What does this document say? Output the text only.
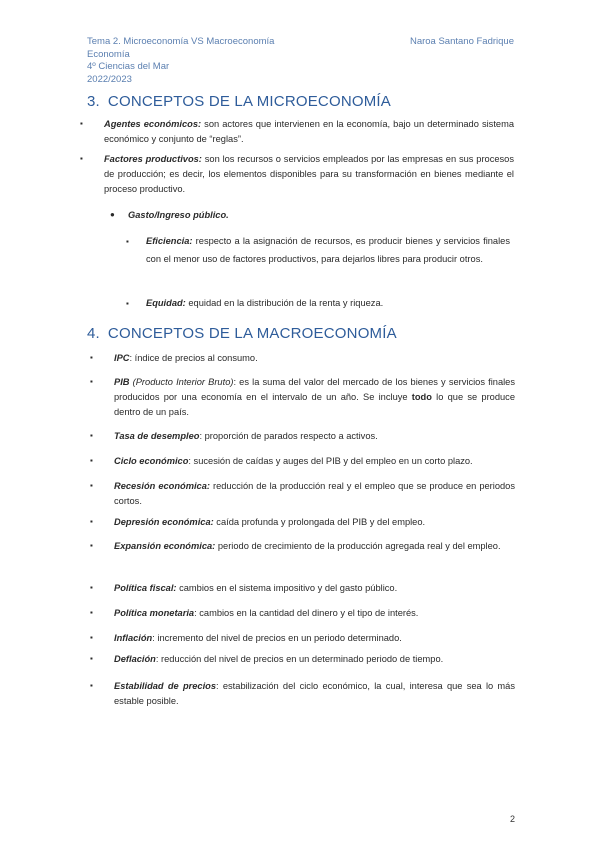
Tema 2. Microeconomía VS Macroeconomía
Economía
4º Ciencias del Mar
2022/2023
Naroa Santano Fadrique
3. CONCEPTOS DE LA MICROECONOMÍA
▪ Agentes económicos: son actores que intervienen en la economía, bajo un determinado sistema económico y conjunto de “reglas”.
▪ Factores productivos: son los recursos o servicios empleados por las empresas en sus procesos de producción; es decir, los elementos disponibles para su transformación en bienes mediante el proceso productivo.
● Gasto/Ingreso público.
▪ Eficiencia: respecto a la asignación de recursos, es producir bienes y servicios finales con el menor uso de factores productivos, para dejarlos libres para producir otros.
▪ Equidad: equidad en la distribución de la renta y riqueza.
4. CONCEPTOS DE LA MACROECONOMÍA
▪ IPC: índice de precios al consumo.
▪ PIB (Producto Interior Bruto): es la suma del valor del mercado de los bienes y servicios finales producidos por una economía en el intervalo de un año. Se incluye todo lo que se produce dentro de un país.
▪ Tasa de desempleo: proporción de parados respecto a activos.
▪ Ciclo económico: sucesión de caídas y auges del PIB y del empleo en un corto plazo.
▪ Recesión económica: reducción de la producción real y el empleo que se produce en periodos cortos.
▪ Depresión económica: caída profunda y prolongada del PIB y del empleo.
▪ Expansión económica: periodo de crecimiento de la producción agregada real y del empleo.
▪ Política fiscal: cambios en el sistema impositivo y del gasto público.
▪ Política monetaria: cambios en la cantidad del dinero y el tipo de interés.
▪ Inflación: incremento del nivel de precios en un periodo determinado.
▪ Deflación: reducción del nivel de precios en un determinado periodo de tiempo.
▪ Estabilidad de precios: estabilización del ciclo económico, la cual, interesa que sea lo más estable posible.
2
